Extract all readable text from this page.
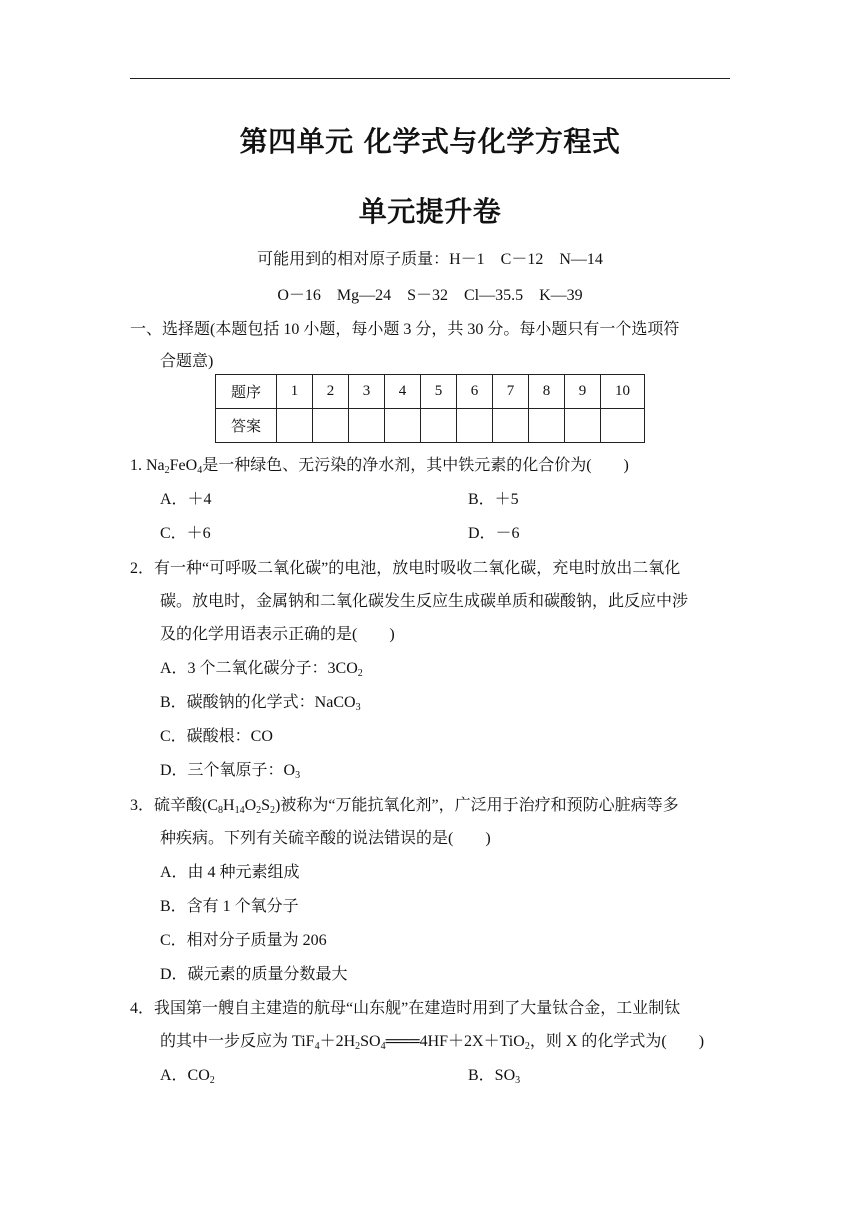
第四单元 化学式与化学方程式
单元提升卷
可能用到的相对原子质量：H－1　C－12　N—14
O－16　Mg—24　S－32　Cl—35.5　K—39
一、选择题(本题包括 10 小题，每小题 3 分，共 30 分。每小题只有一个选项符
合题意)
题序	1	2	3	4	5	6	7	8	9	10
答案										
1. $Na_2FeO_4$是一种绿色、无污染的净水剂，其中铁元素的化合价为(　　)
A．＋4	B．＋5
C．＋6	D．－6
2．有一种“可呼吸二氧化碳”的电池，放电时吸收二氧化碳，充电时放出二氧化
碳。放电时，金属钠和二氧化碳发生反应生成碳单质和碳酸钠，此反应中涉
及的化学用语表示正确的是(　　)
A．3 个二氧化碳分子：$3CO_2$
B．碳酸钠的化学式：NaCO$_3$
C．碳酸根：CO
D．三个氧原子：$O_3$
3．硫辛酸$(C_8H_{14}O_2S_2)$被称为“万能抗氧化剂”，广泛用于治疗和预防心脏病等多
种疾病。下列有关硫辛酸的说法错误的是(　　)
A．由 4 种元素组成
B．含有 1 个氧分子
C．相对分子质量为 206
D．碳元素的质量分数最大
4．我国第一艘自主建造的航母“山东舰”在建造时用到了大量钛合金，工业制钛
的其中一步反应为 $TiF_4+2H_2SO_4═══4HF+2X+TiO_2$，则 X 的化学式为(　　)
A．$CO_2$	B．$SO_3$
